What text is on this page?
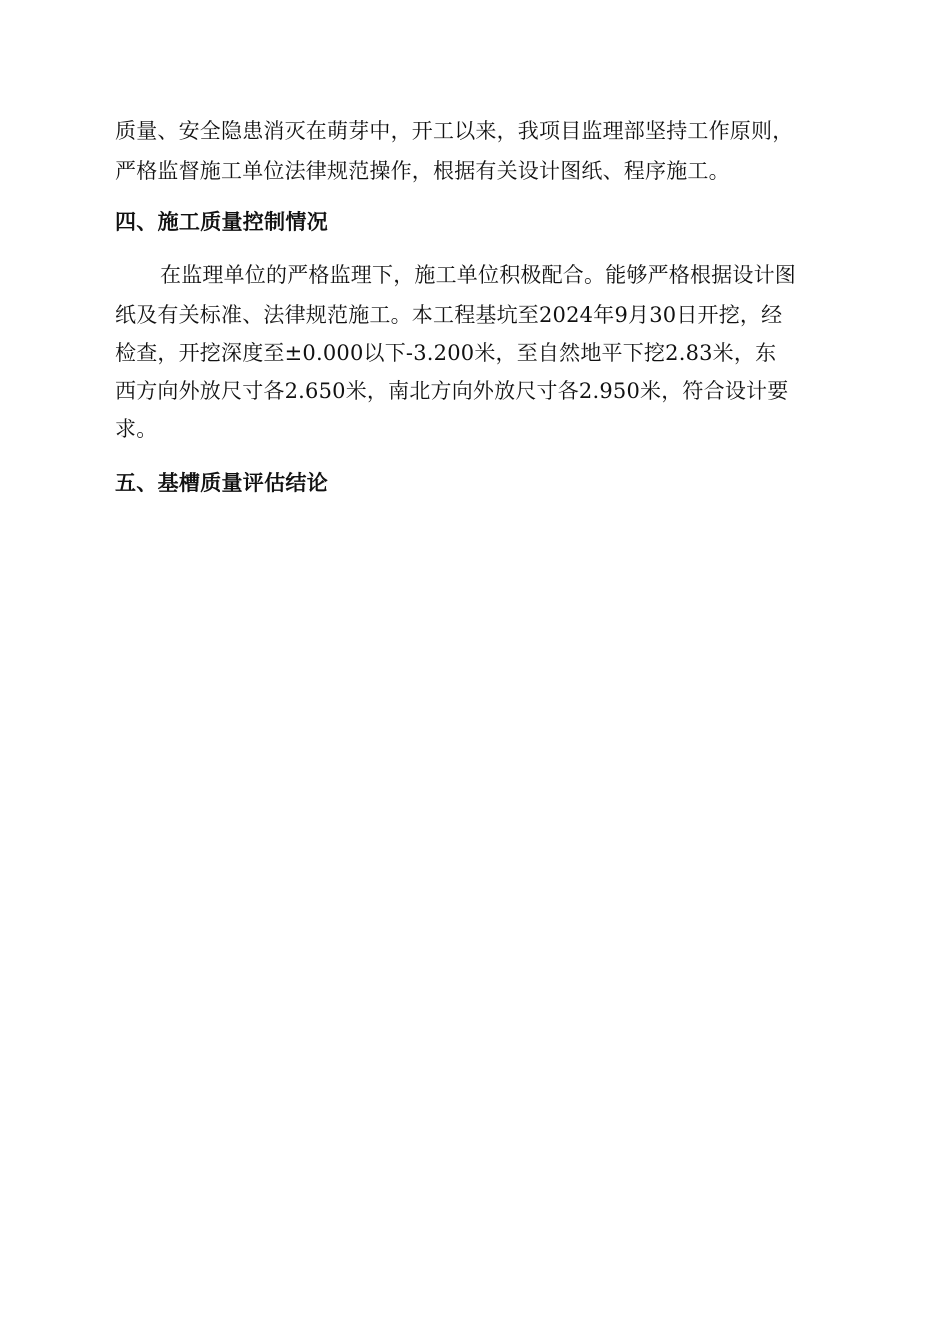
质量、安全隐患消灭在萌芽中，开工以来，我项目监理部坚持工作原则，
严格监督施工单位法律规范操作，根据有关设计图纸、程序施工。
四、施工质量控制情况
在监理单位的严格监理下，施工单位积极配合。能够严格根据设计图
纸及有关标准、法律规范施工。本工程基坑至2024年9月30日开挖，经
检查，开挖深度至±0.000以下-3.200米，至自然地平下挖2.83米，东
西方向外放尺寸各2.650米，南北方向外放尺寸各2.950米，符合设计要
求。
五、基槽质量评估结论
